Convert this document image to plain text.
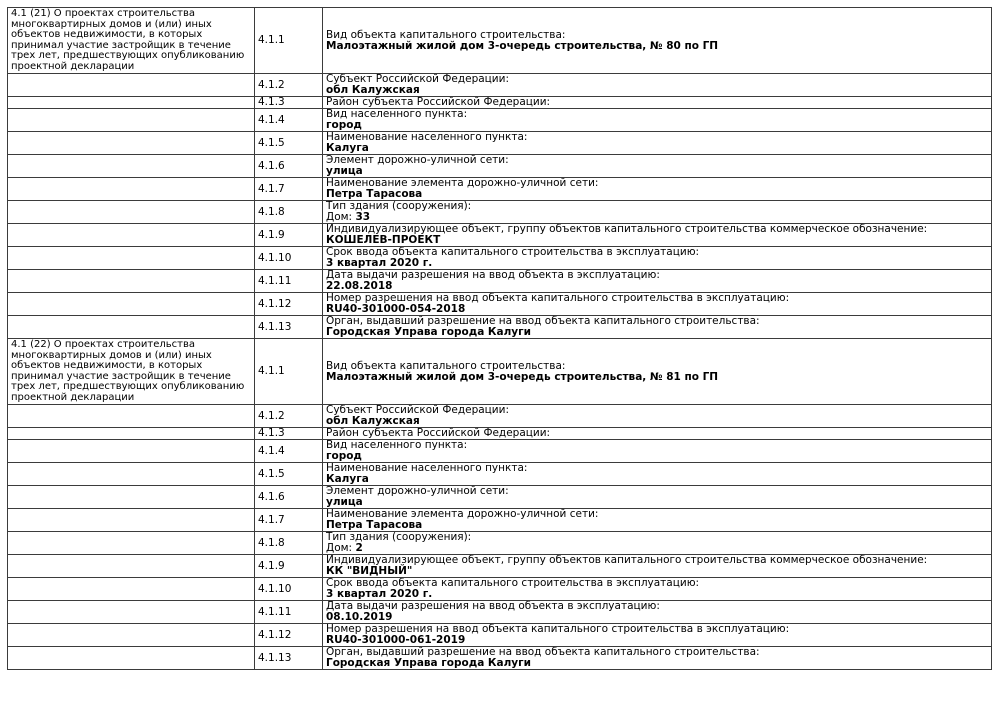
4.1 (21) О проектах строительства многоквартирных домов и (или) иных объектов недвижимости, в которых принимал участие застройщик в течение трех лет, предшествующих опубликованию проектной декларации	4.1.1	Вид объекта капитального строительства:
Малоэтажный жилой дом 3-очередь строительства, № 80 по ГП

	4.1.2	Субъект Российской Федерации:
обл Калужская

	4.1.3	Район субъекта Российской Федерации:

	4.1.4	Вид населенного пункта:
город

	4.1.5	Наименование населенного пункта:
Калуга

	4.1.6	Элемент дорожно-уличной сети:
улица

	4.1.7	Наименование элемента дорожно-уличной сети:
Петра Тарасова

	4.1.8	Тип здания (сооружения):
Дом: 33

	4.1.9	Индивидуализирующее объект, группу объектов капитального строительства коммерческое обозначение:
КОШЕЛЕВ-ПРОЕКТ

	4.1.10	Срок ввода объекта капитального строительства в эксплуатацию:
3 квартал 2020 г.

	4.1.11	Дата выдачи разрешения на ввод объекта в эксплуатацию:
22.08.2018

	4.1.12	Номер разрешения на ввод объекта капитального строительства в эксплуатацию:
RU40-301000-054-2018

	4.1.13	Орган, выдавший разрешение на ввод объекта капитального строительства:
Городская Управа города Калуги

4.1 (22) О проектах строительства многоквартирных домов и (или) иных объектов недвижимости, в которых принимал участие застройщик в течение трех лет, предшествующих опубликованию проектной декларации	4.1.1	Вид объекта капитального строительства:
Малоэтажный жилой дом 3-очередь строительства, № 81 по ГП

	4.1.2	Субъект Российской Федерации:
обл Калужская

	4.1.3	Район субъекта Российской Федерации:

	4.1.4	Вид населенного пункта:
город

	4.1.5	Наименование населенного пункта:
Калуга

	4.1.6	Элемент дорожно-уличной сети:
улица

	4.1.7	Наименование элемента дорожно-уличной сети:
Петра Тарасова

	4.1.8	Тип здания (сооружения):
Дом: 2

	4.1.9	Индивидуализирующее объект, группу объектов капитального строительства коммерческое обозначение:
КК "ВИДНЫЙ"

	4.1.10	Срок ввода объекта капитального строительства в эксплуатацию:
3 квартал 2020 г.

	4.1.11	Дата выдачи разрешения на ввод объекта в эксплуатацию:
08.10.2019

	4.1.12	Номер разрешения на ввод объекта капитального строительства в эксплуатацию:
RU40-301000-061-2019

	4.1.13	Орган, выдавший разрешение на ввод объекта капитального строительства:
Городская Управа города Калуги
